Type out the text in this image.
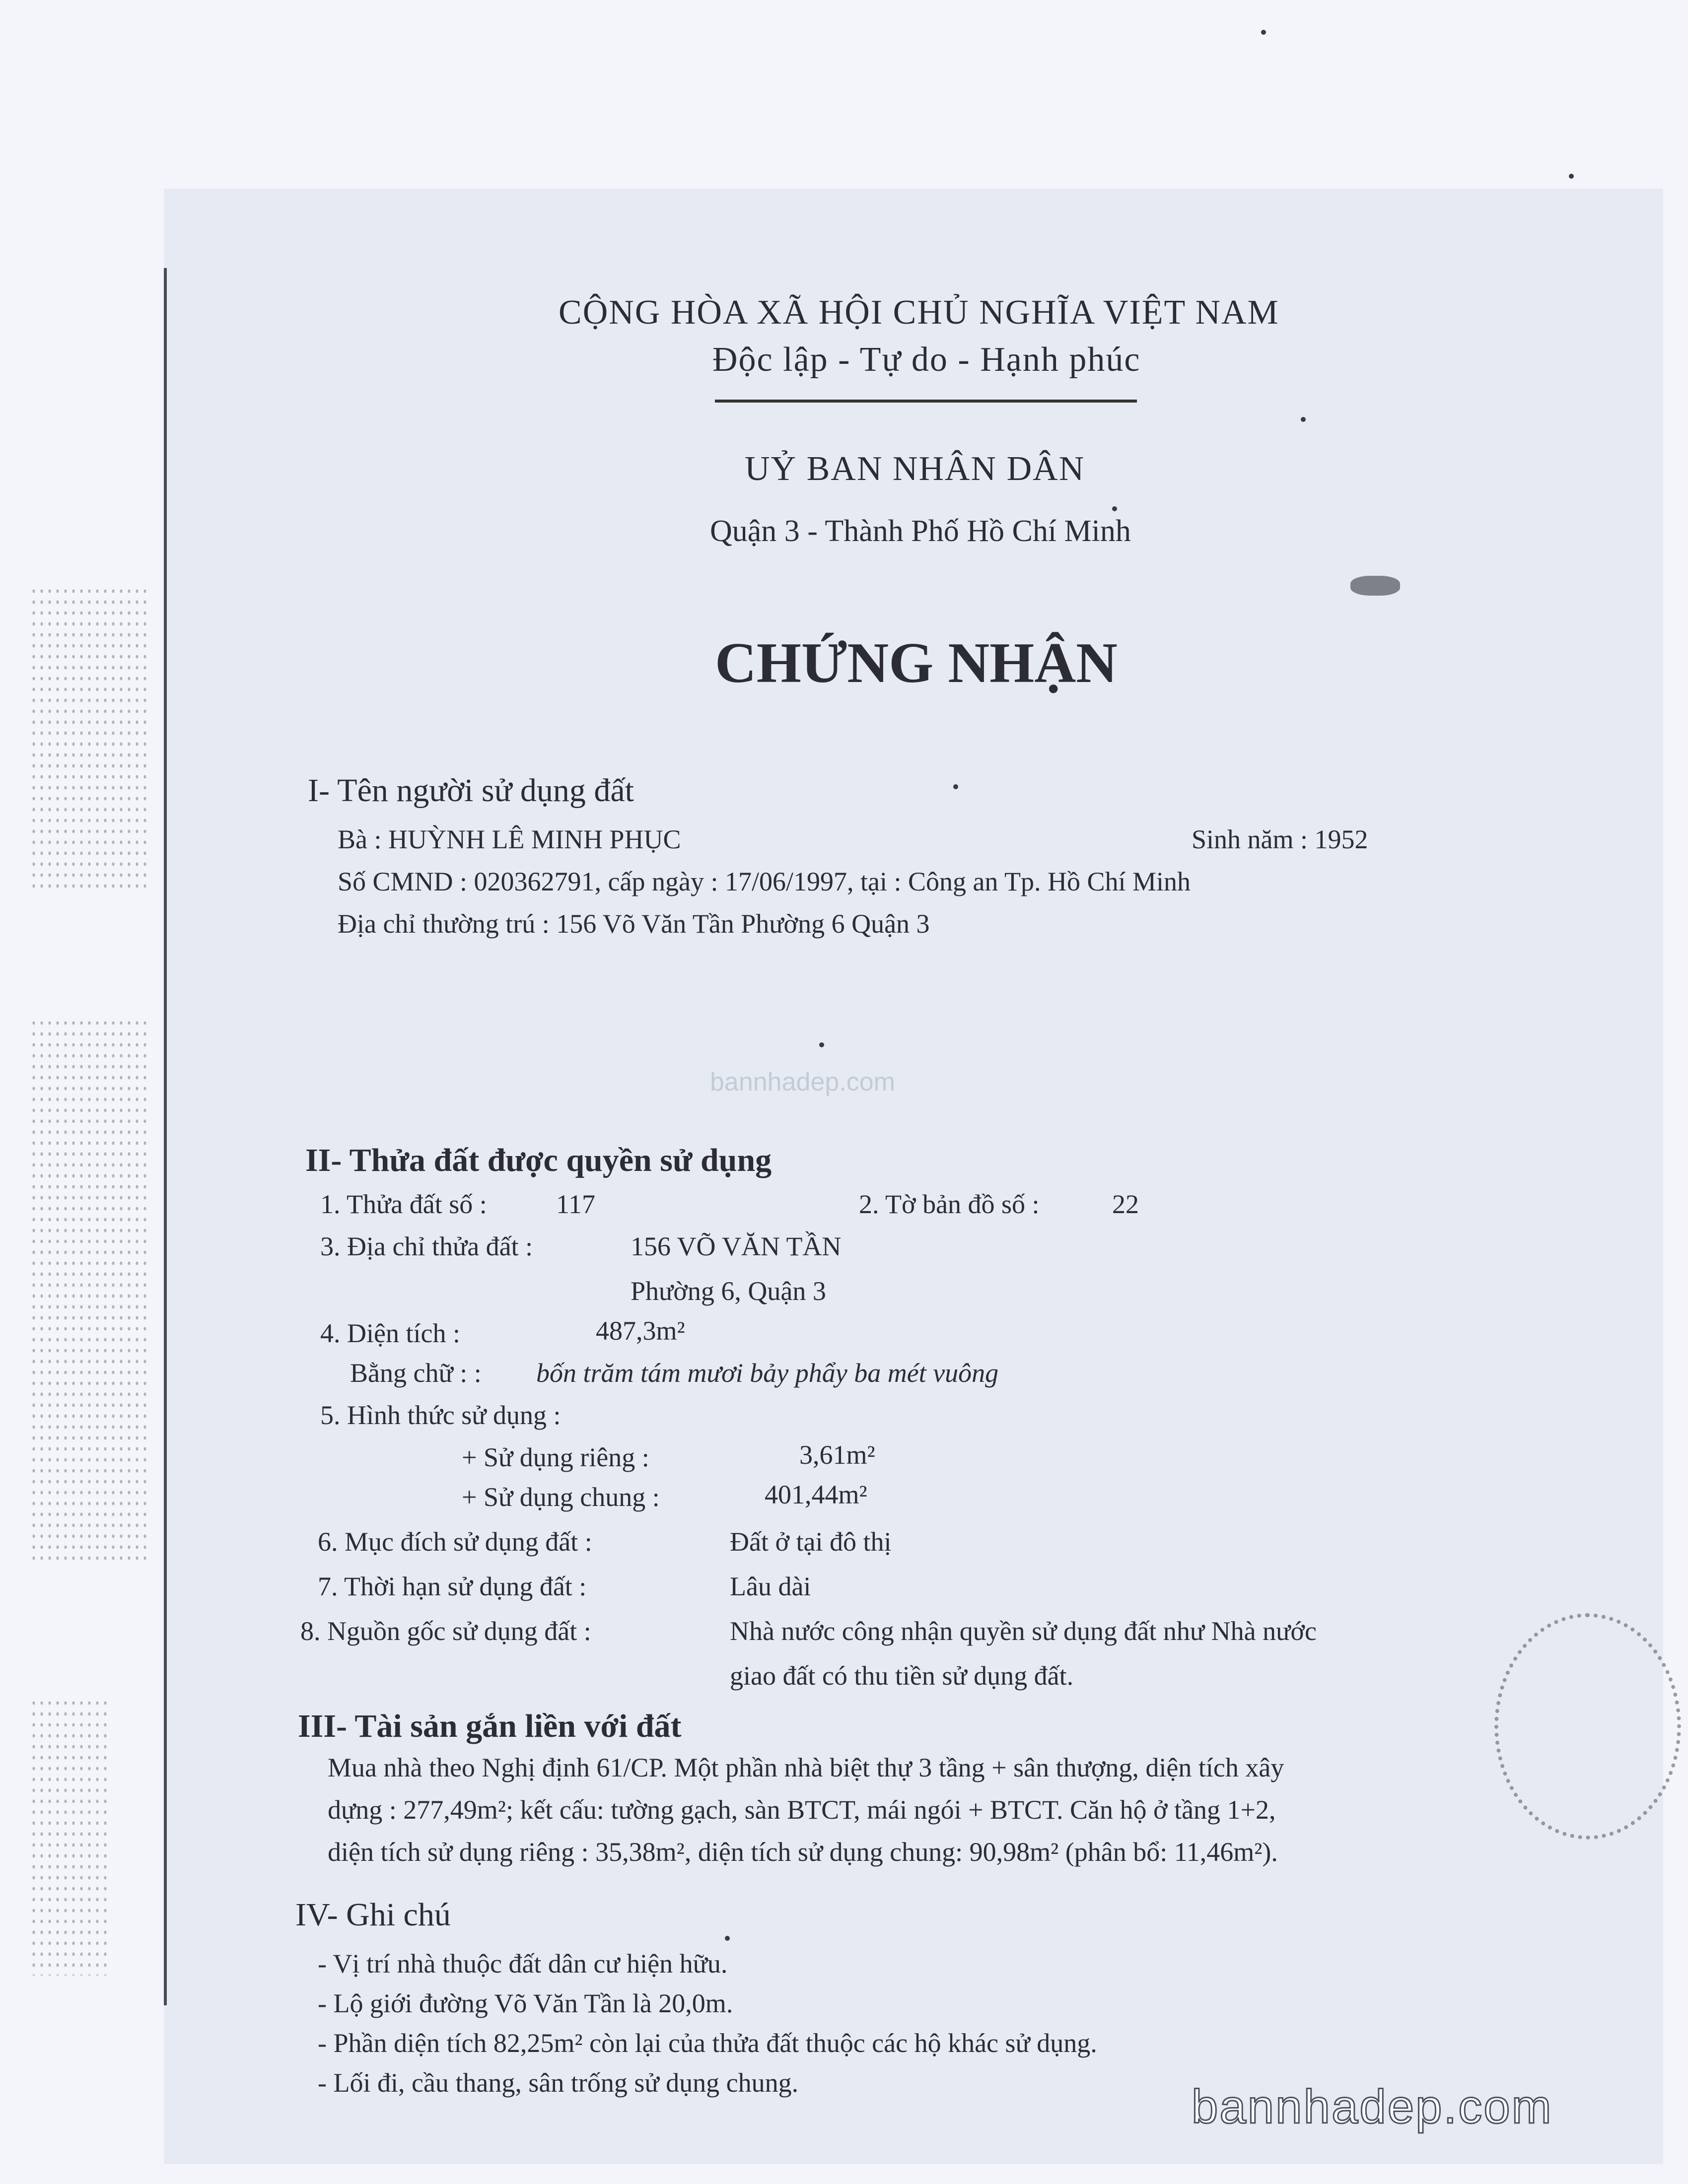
CỘNG HÒA XÃ HỘI CHỦ NGHĨA VIỆT NAM
Độc lập - Tự do - Hạnh phúc
UỶ BAN NHÂN DÂN
Quận 3 - Thành Phố Hồ Chí Minh
CHỨNG NHẬN
I- Tên người sử dụng đất
Bà : HUỲNH LÊ MINH PHỤC	Sinh năm : 1952
Số CMND : 020362791, cấp ngày : 17/06/1997, tại : Công an Tp. Hồ Chí Minh
Địa chỉ thường trú : 156 Võ Văn Tần Phường 6 Quận 3
bannhadep.com
II- Thửa đất được quyền sử dụng
1. Thửa đất số :	117	2. Tờ bản đồ số :	22
3. Địa chỉ thửa đất :	156 VÕ VĂN TẦN
Phường 6, Quận 3
4. Diện tích :	487,3m²
Bằng chữ : : bốn trăm tám mươi bảy phẩy ba mét vuông
5. Hình thức sử dụng :
+ Sử dụng riêng :	3,61m²
+ Sử dụng chung :	401,44m²
6. Mục đích sử dụng đất :	Đất ở tại đô thị
7. Thời hạn sử dụng đất :	Lâu dài
8. Nguồn gốc sử dụng đất :	Nhà nước công nhận quyền sử dụng đất như Nhà nước
giao đất có thu tiền sử dụng đất.
III- Tài sản gắn liền với đất
Mua nhà theo Nghị định 61/CP. Một phần nhà biệt thự 3 tầng + sân thượng, diện tích xây
dựng : 277,49m²; kết cấu: tường gạch, sàn BTCT, mái ngói + BTCT. Căn hộ ở tầng 1+2,
diện tích sử dụng riêng : 35,38m², diện tích sử dụng chung: 90,98m² (phân bổ: 11,46m²).
IV- Ghi chú
- Vị trí nhà thuộc đất dân cư hiện hữu.
- Lộ giới đường Võ Văn Tần là 20,0m.
- Phần diện tích 82,25m² còn lại của thửa đất thuộc các hộ khác sử dụng.
- Lối đi, cầu thang, sân trống sử dụng chung.	bannhadep.com
